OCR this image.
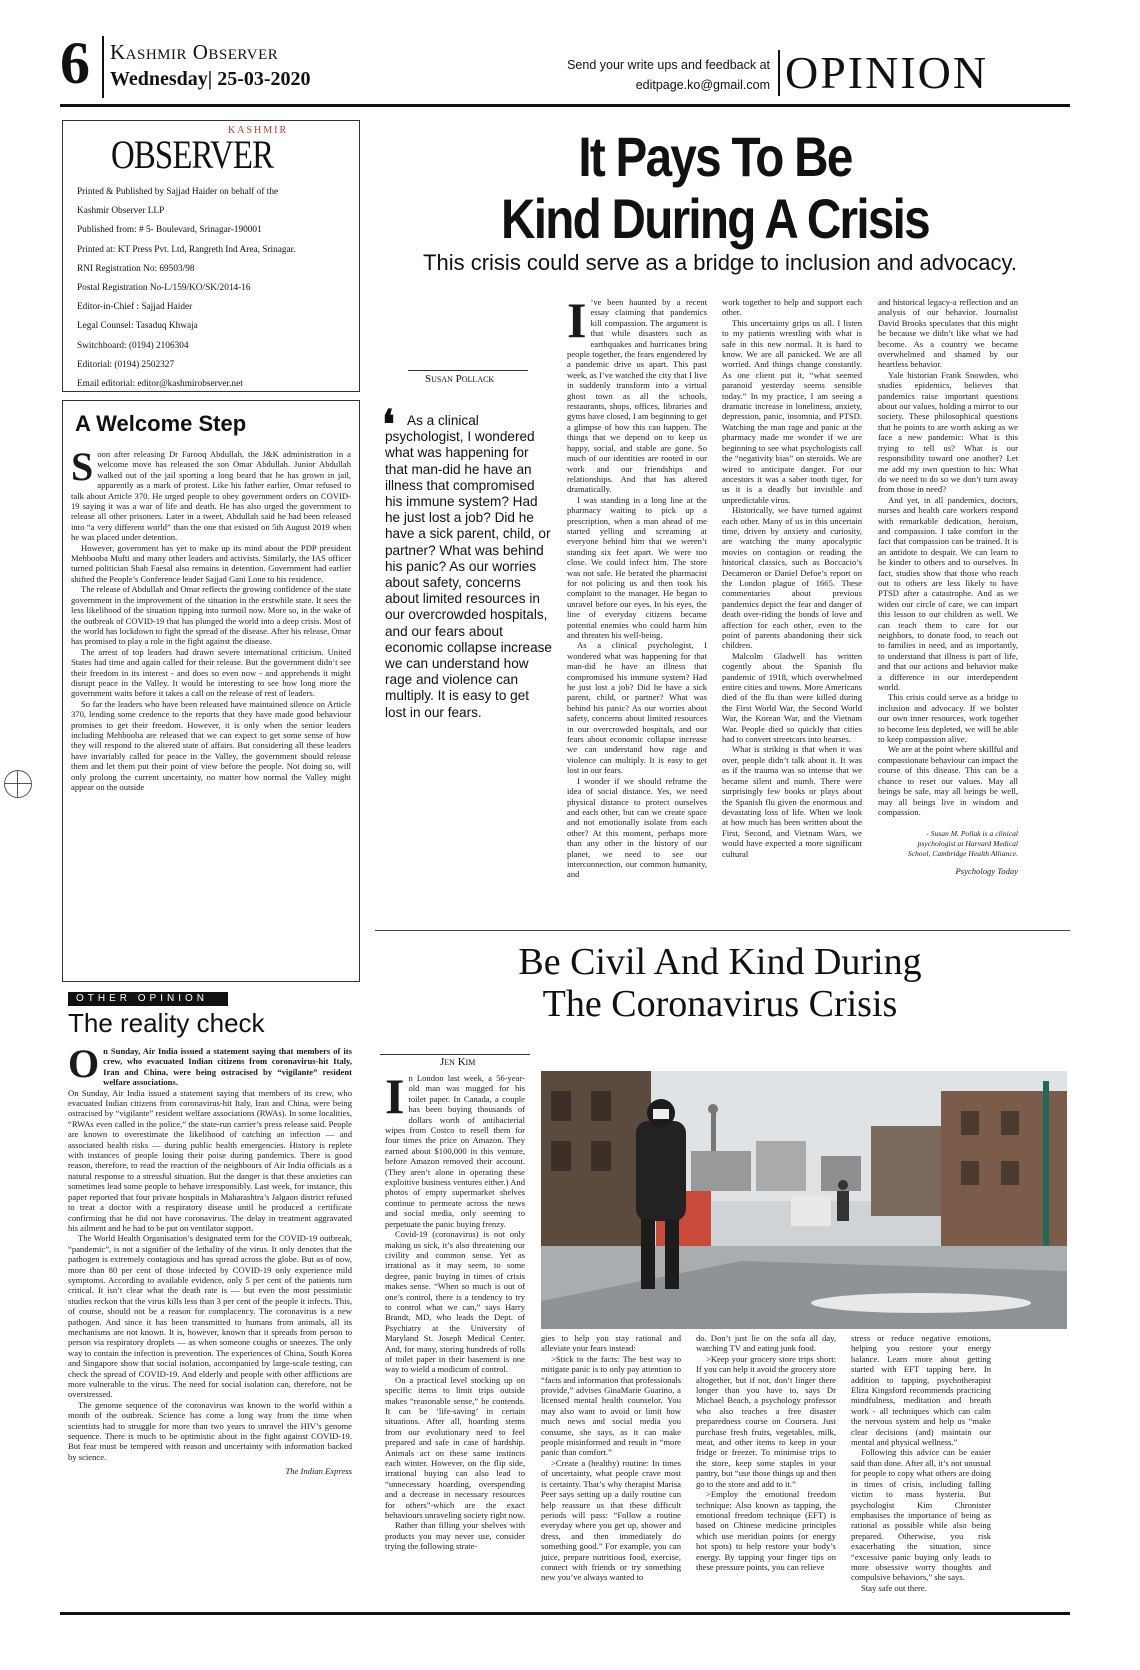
6 Kashmir Observer
Wednesday| 25-03-2020
Send your write ups and feedback at
editpage.ko@gmail.com OPINION
KASHMIR
OBSERVER
Printed & Published by Sajjad Haider on behalf of the
Kashmir Observer LLP
Published from: # 5- Boulevard, Srinagar-190001
Printed at: KT Press Pvt. Ltd, Rangreth Ind Area, Srinagar.
RNI Registration No: 69503/98
Postal Registration No-L/159/KO/SK/2014-16
Editor-in-Chief : Sajjad Haider
Legal Counsel: Tasaduq Khwaja
Switchboard: (0194) 2106304
Editorial: (0194) 2502327
Email editorial: editor@kashmirobserver.net
A Welcome Step
S oon after releasing Dr Farooq Abdullah, the J&K administration in a welcome move has released the son Omar Abdullah. Junior Abdullah walked out of the jail sporting a long beard that he has grown in jail, apparently as a mark of protest. Like his father earlier, Omar refused to talk about Article 370. He urged people to obey government orders on COVID-19 saying it was a war of life and death. He has also urged the government to release all other prisoners. Later in a tweet, Abdullah said he had been released into “a very different world” than the one that existed on 5th August 2019 when he was placed under detention.

However, government has yet to make up its mind about the PDP president Mehbooba Mufti and many other leaders and activists. Similarly, the IAS officer turned politician Shah Faesal also remains in detention. Government had earlier shifted the People’s Conference leader Sajjad Gani Lone to his residence.

The release of Abdullah and Omar reflects the growing confidence of the state government in the improvement of the situation in the erstwhile state. It sees the less likelihood of the situation tipping into turmoil now. More so, in the wake of the outbreak of COVID-19 that has plunged the world into a deep crisis. Most of the world has lockdown to fight the spread of the disease. After his release, Omar has promised to play a role in the fight against the disease.

The arrest of top leaders had drawn severe international criticism. United States had time and again called for their release. But the government didn’t see their freedom in its interest - and does so even now - and apprehends it might disrupt peace in the Valley. It would be interesting to see how long more the government waits before it takes a call on the release of rest of leaders.

So far the leaders who have been released have maintained silence on Article 370, lending some credence to the reports that they have made good behaviour promises to get their freedom. However, it is only when the senior leaders including Mehbooba are released that we can expect to get some sense of how they will respond to the altered state of affairs. But considering all these leaders have invariably called for peace in the Valley, the government should release them and let them put their point of view before the people. Not doing so, will only prolong the current uncertainty, no matter how normal the Valley might appear on the outside

OTHER OPINION
The reality check
O n Sunday, Air India issued a statement saying that members of its crew, who evacuated Indian citizens from coronavirus-hit Italy, Iran and China, were being ostracised by “vigilante” resident welfare associations.

On Sunday, Air India issued a statement saying that members of its crew, who evacuated Indian citizens from coronavirus-hit Italy, Iran and China, were being ostracised by “vigilante” resident welfare associations (RWAs). In some localities, “RWAs even called in the police,” the state-run carrier’s press release said. People are known to overestimate the likelihood of catching an infection — and associated health risks — during public health emergencies. History is replete with instances of people losing their poise during pandemics. There is good reason, therefore, to read the reaction of the neighbours of Air India officials as a natural response to a stressful situation. But the danger is that these anxieties can sometimes lead some people to behave irresponsibly. Last week, for instance, this paper reported that four private hospitals in Maharashtra’s Jalgaon district refused to treat a doctor with a respiratory disease until he produced a certificate confirming that he did not have coronavirus. The delay in treatment aggravated his ailment and he had to be put on ventilator support.

The World Health Organisation’s designated term for the COVID-19 outbreak, “pandemic”, is not a signifier of the lethality of the virus. It only denotes that the pathogen is extremely contagious and has spread across the globe. But as of now, more than 80 per cent of those infected by COVID-19 only experience mild symptoms. According to available evidence, only 5 per cent of the patients turn critical. It isn’t clear what the death rate is — but even the most pessimistic studies reckon that the virus kills less than 3 per cent of the people it infects. This, of course, should not be a reason for complacency. The coronavirus is a new pathogen. And since it has been transmitted to humans from animals, all its mechanisms are not known. It is, however, known that it spreads from person to person via respiratory droplets — as when someone coughs or sneezes. The only way to contain the infection is prevention. The experiences of China, South Korea and Singapore show that social isolation, accompanied by large-scale testing, can check the spread of COVID-19. And elderly and people with other afflictions are more vulnerable to the virus. The need for social isolation can, therefore, not be overstressed.

The genome sequence of the coronavirus was known to the world within a month of the outbreak. Science has come a long way from the time when scientists had to struggle for more than two years to unravel the HIV’s genome sequence. There is much to be optimistic about in the fight against COVID-19. But fear must be tempered with reason and uncertainty with information backed by science.

The Indian Express
It Pays To Be
Kind During A Crisis
This crisis could serve as a bridge to inclusion and advocacy.
Susan Pollack
❛ As a clinical psychologist, I wondered what was happening for that man-did he have an illness that compromised his immune system? Had he just lost a job? Did he have a sick parent, child, or partner? What was behind his panic? As our worries about safety, concerns about limited resources in our overcrowded hospitals, and our fears about economic collapse increase we can understand how rage and violence can multiply. It is easy to get lost in our fears.
I ’ve been haunted by a recent essay claiming that pandemics kill compassion. The argument is that while disasters such as earthquakes and hurricanes bring people together, the fears engendered by a pandemic drive us apart. This past week, as I’ve watched the city that I live in suddenly transform into a virtual ghost town as all the schools, restaurants, shops, offices, libraries and gyms have closed, I am beginning to get a glimpse of how this can happen. The things that we depend on to keep us happy, social, and stable are gone. So much of our identities are rooted in our work and our friendships and relationships. And that has altered dramatically.

I was standing in a long line at the pharmacy waiting to pick up a prescription, when a man ahead of me started yelling and screaming at everyone behind him that we weren’t standing six feet apart. We were too close. We could infect him. The store was not safe. He berated the pharmacist for not policing us and then took his complaint to the manager. He began to unravel before our eyes. In his eyes, the line of everyday citizens became potential enemies who could harm him and threaten his well-being.

As a clinical psychologist, I wondered what was happening for that man-did he have an illness that compromised his immune system? Had he just lost a job? Did he have a sick parent, child, or partner? What was behind his panic? As our worries about safety, concerns about limited resources in our overcrowded hospitals, and our fears about economic collapse increase we can understand how rage and violence can multiply. It is easy to get lost in our fears.

I wonder if we should reframe the idea of social distance. Yes, we need physical distance to protect ourselves and each other, but can we create space and not emotionally isolate from each other? At this moment, perhaps more than any other in the history of our planet, we need to see our interconnection, our common humanity, and

work together to help and support each other.

This uncertainty grips us all. I listen to my patients wrestling with what is safe in this new normal. It is hard to know. We are all panicked. We are all worried. And things change constantly. As one client put it, “what seemed paranoid yesterday seems sensible today.” In my practice, I am seeing a dramatic increase in loneliness, anxiety, depression, panic, insomnia, and PTSD. Watching the man rage and panic at the pharmacy made me wonder if we are beginning to see what psychologists call the “negativity bias” on steroids. We are wired to anticipate danger. For our ancestors it was a saber tooth tiger, for us it is a deadly but invisible and unpredictable virus.

Historically, we have turned against each other. Many of us in this uncertain time, driven by anxiety and curiosity, are watching the many apocalyptic movies on contagion or reading the historical classics, such as Boccacio’s Decameron or Daniel Defoe’s report on the London plague of 1665. These commentaries about previous pandemics depict the fear and danger of death over-riding the bonds of love and affection for each other, even to the point of parents abandoning their sick children.

Malcolm Gladwell has written cogently about the Spanish flu pandemic of 1918, which overwhelmed entire cities and towns. More Americans died of the flu than were killed during the First World War, the Second World War, the Korean War, and the Vietnam War. People died so quickly that cities had to convert streetcars into hearses.

What is striking is that when it was over, people didn’t talk about it. It was as if the trauma was so intense that we became silent and numb. There were surprisingly few books or plays about the Spanish flu given the enormous and devastating loss of life. When we look at how much has been written about the First, Second, and Vietnam Wars, we would have expected a more significant cultural

and historical legacy-a reflection and an analysis of our behavior. Journalist David Brooks speculates that this might be because we didn’t like what we had become. As a country we became overwhelmed and shamed by our heartless behavior.

Yale historian Frank Snowden, who studies epidemics, believes that pandemics raise important questions about our values, holding a mirror to our society. These philosophical questions that he points to are worth asking as we face a new pandemic: What is this trying to tell us? What is our responsibility toward one another? Let me add my own question to his: What do we need to do so we don’t turn away from those in need?

And yet, in all pandemics, doctors, nurses and health care workers respond with remarkable dedication, heroism, and compassion. I take comfort in the fact that compassion can be trained. It is an antidote to despair. We can learn to be kinder to others and to ourselves. In fact, studies show that those who reach out to others are less likely to have PTSD after a catastrophe. And as we widen our circle of care, we can impart this lesson to our children as well. We can teach them to care for our neighbors, to donate food, to reach out to families in need, and as importantly, to understand that illness is part of life, and that our actions and behavior make a difference in our interdependent world.

This crisis could serve as a bridge to inclusion and advocacy. If we bolster our own inner resources, work together to become less depleted, we will be able to keep compassion alive.

We are at the point where skillful and compassionate behaviour can impact the course of this disease. This can be a chance to reset our values. May all beings be safe, may all beings be well, may all beings live in wisdom and compassion.

- Susan M. Pollak is a clinical psychologist at Harvard Medical School, Cambridge Health Alliance.
Psychology Today
Be Civil And Kind During
The Coronavirus Crisis
Jen Kim
I n London last week, a 56-year-old man was mugged for his toilet paper. In Canada, a couple has been buying thousands of dollars worth of antibacterial wipes from Costco to resell them for four times the price on Amazon. They earned about $100,000 in this venture, before Amazon removed their account. (They aren’t alone in operating these exploitive business ventures either.) And photos of empty supermarket shelves continue to permeate across the news and social media, only seeming to perpetuate the panic buying frenzy.

Covid-19 (coronavirus) is not only making us sick, it’s also threatening our civility and common sense. Yet as irrational as it may seem, to some degree, panic buying in times of crisis makes sense. “When so much is out of one’s control, there is a tendency to try to control what we can,” says Harry Brandt, MD, who leads the Dept. of Psychiatry at the University of Maryland St. Joseph Medical Center. And, for many, storing hundreds of rolls of toilet paper in their basement is one way to wield a modicum of control.

On a practical level stocking up on specific items to limit trips outside makes “reasonable sense,” he contends. It can be ‘life-saving’ in certain situations. After all, hoarding stems from our evolutionary need to feel prepared and safe in case of hardship. Animals act on these same instincts each winter. However, on the flip side, irrational buying can also lead to “unnecessary hoarding, overspending and a decrease in necessary resources for others”-which are the exact behaviours unraveling society right now.

Rather than filling your shelves with products you may never use, consider trying the following strate-

gies to help you stay rational and alleviate your fears instead:

>Stick to the facts: The best way to mitigate panic is to only pay attention to “facts and information that professionals provide,” advises GinaMarie Guarino, a licensed mental health counselor. You may also want to avoid or limit how much news and social media you consume, she says, as it can make people misinformed and result in “more panic than comfort.”

>Create a (healthy) routine: In times of uncertainty, what people crave most is certainty. That’s why therapist Marisa Peer says setting up a daily routine can help reassure us that these difficult periods will pass: “Follow a routine everyday where you get up, shower and dress, and then immediately do something good.” For example, you can juice, prepare nutritious food, exercise, connect with friends or try something new you’ve always wanted to

do. Don’t just lie on the sofa all day, watching TV and eating junk food.

>Keep your grocery store trips short: If you can help it avoid the grocery store altogether, but if not, don’t linger there longer than you have to, says Dr Michael Beach, a psychology professor who also teaches a free disaster preparedness course on Coursera. Just purchase fresh fruits, vegetables, milk, meat, and other items to keep in your fridge or freezer. To minimise trips to the store, keep some staples in your pantry, but “use those things up and then go to the store and add to it.”

>Employ the emotional freedom technique: Also known as tapping, the emotional freedom technique (EFT) is based on Chinese medicine principles which use meridian points (or energy hot spots) to help restore your body’s energy. By tapping your finger tips on these pressure points, you can relieve

stress or reduce negative emotions, helping you restore your energy balance. Learn more about getting started with EFT tapping here. In addition to tapping, psychotherapist Eliza Kingsford recommends practicing mindfulness, meditation and breath work - all techniques which can calm the nervous system and help us “make clear decisions (and) maintain our mental and physical wellness.”

Following this advice can be easier said than done. After all, it’s not unusual for people to copy what others are doing in times of crisis, including falling victim to mass hysteria. But psychologist Kim Chronister emphasises the importance of being as rational as possible while also being prepared. Otherwise, you risk exacerbating the situation, since “excessive panic buying only leads to more obsessive worry thoughts and compulsive behaviors,” she says.

Stay safe out there.
